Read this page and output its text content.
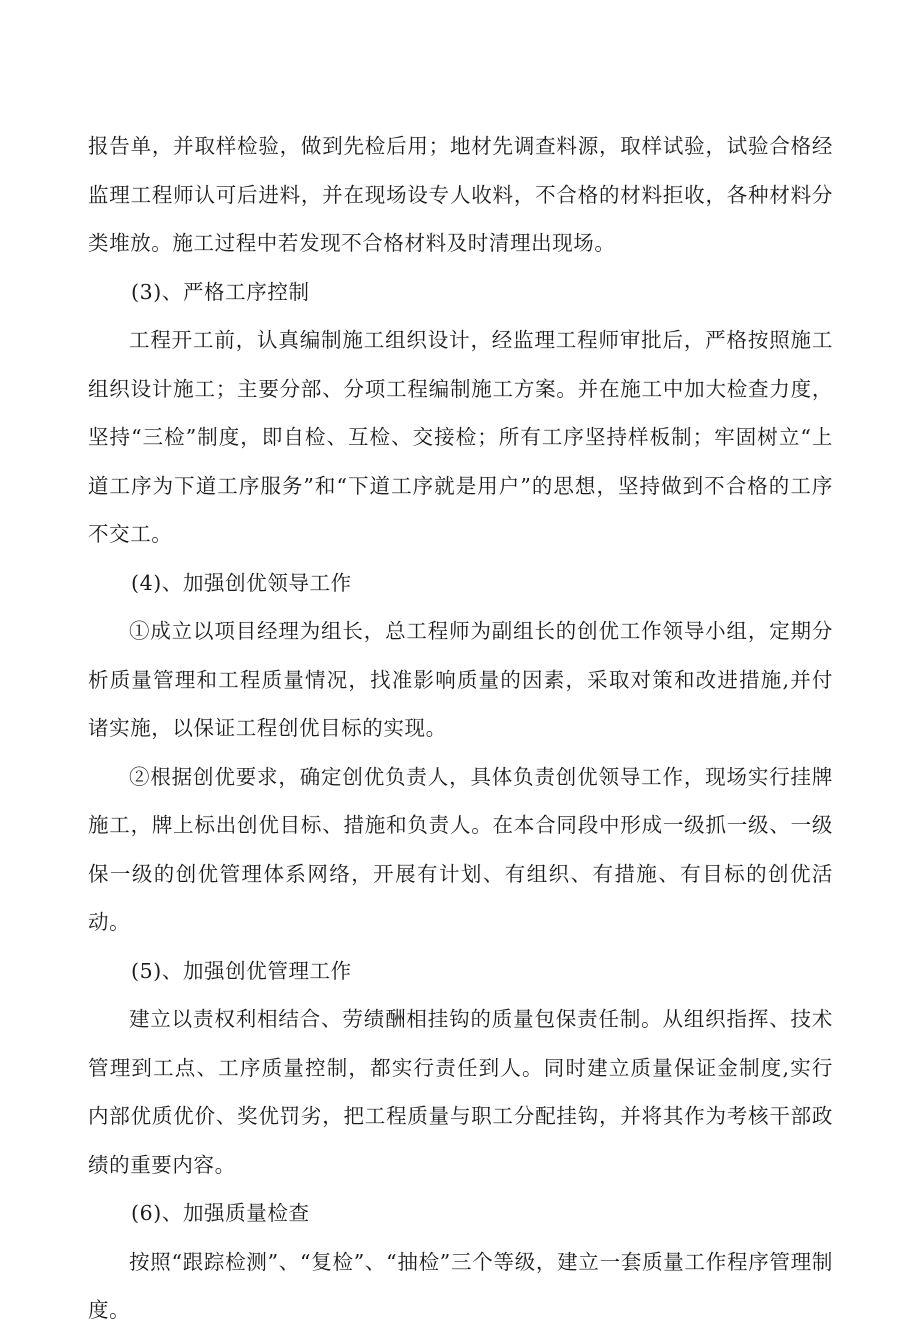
报告单，并取样检验，做到先检后用；地材先调查料源，取样试验，试验合格经监理工程师认可后进料，并在现场设专人收料，不合格的材料拒收，各种材料分类堆放。施工过程中若发现不合格材料及时清理出现场。

(3)、严格工序控制

工程开工前，认真编制施工组织设计，经监理工程师审批后，严格按照施工组织设计施工；主要分部、分项工程编制施工方案。并在施工中加大检查力度，坚持“三检”制度，即自检、互检、交接检；所有工序坚持样板制；牢固树立“上道工序为下道工序服务”和“下道工序就是用户”的思想，坚持做到不合格的工序不交工。

(4)、加强创优领导工作

①成立以项目经理为组长，总工程师为副组长的创优工作领导小组，定期分析质量管理和工程质量情况，找准影响质量的因素，采取对策和改进措施,并付诸实施，以保证工程创优目标的实现。

②根据创优要求，确定创优负责人，具体负责创优领导工作，现场实行挂牌施工，牌上标出创优目标、措施和负责人。在本合同段中形成一级抓一级、一级保一级的创优管理体系网络，开展有计划、有组织、有措施、有目标的创优活动。

(5)、加强创优管理工作

建立以责权利相结合、劳绩酬相挂钩的质量包保责任制。从组织指挥、技术管理到工点、工序质量控制，都实行责任到人。同时建立质量保证金制度,实行内部优质优价、奖优罚劣，把工程质量与职工分配挂钩，并将其作为考核干部政绩的重要内容。

(6)、加强质量检查

按照“跟踪检测”、“复检”、“抽检”三个等级，建立一套质量工作程序管理制度。
